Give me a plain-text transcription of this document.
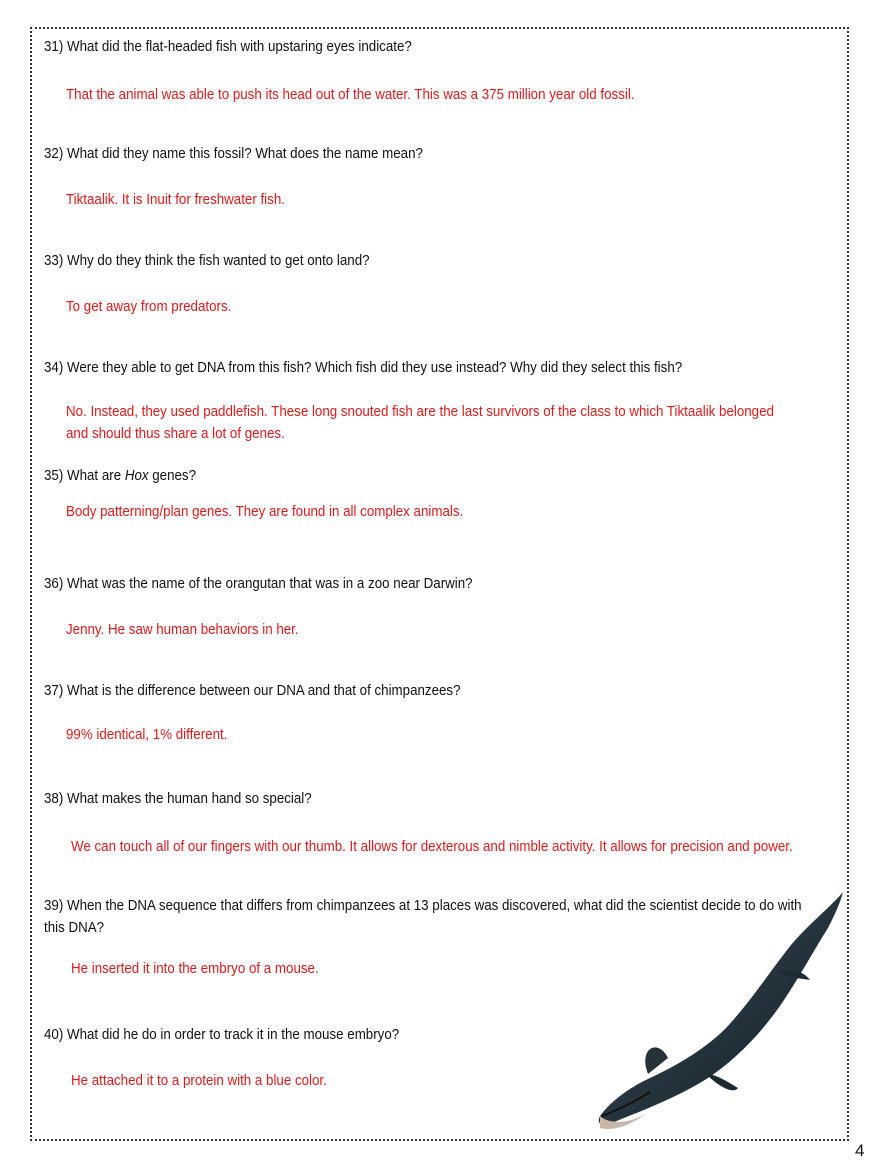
31) What did the flat-headed fish with upstaring eyes indicate?
That the animal was able to push its head out of the water. This was a 375 million year old fossil.
32) What did they name this fossil? What does the name mean?
Tiktaalik. It is Inuit for freshwater fish.
33) Why do they think the fish wanted to get onto land?
To get away from predators.
34) Were they able to get DNA from this fish? Which fish did they use instead? Why did they select this fish?
No. Instead, they used paddlefish. These long snouted fish are the last survivors of the class to which Tiktaalik belonged and should thus share a lot of genes.
35) What are Hox genes?
Body patterning/plan genes. They are found in all complex animals.
36) What was the name of the orangutan that was in a zoo near Darwin?
Jenny. He saw human behaviors in her.
37) What is the difference between our DNA and that of chimpanzees?
99% identical, 1% different.
38) What makes the human hand so special?
We can touch all of our fingers with our thumb. It allows for dexterous and nimble activity. It allows for precision and power.
39) When the DNA sequence that differs from chimpanzees at 13 places was discovered, what did the scientist decide to do with this DNA?
He inserted it into the embryo of a mouse.
40) What did he do in order to track it in the mouse embryo?
He attached it to a protein with a blue color.
4
